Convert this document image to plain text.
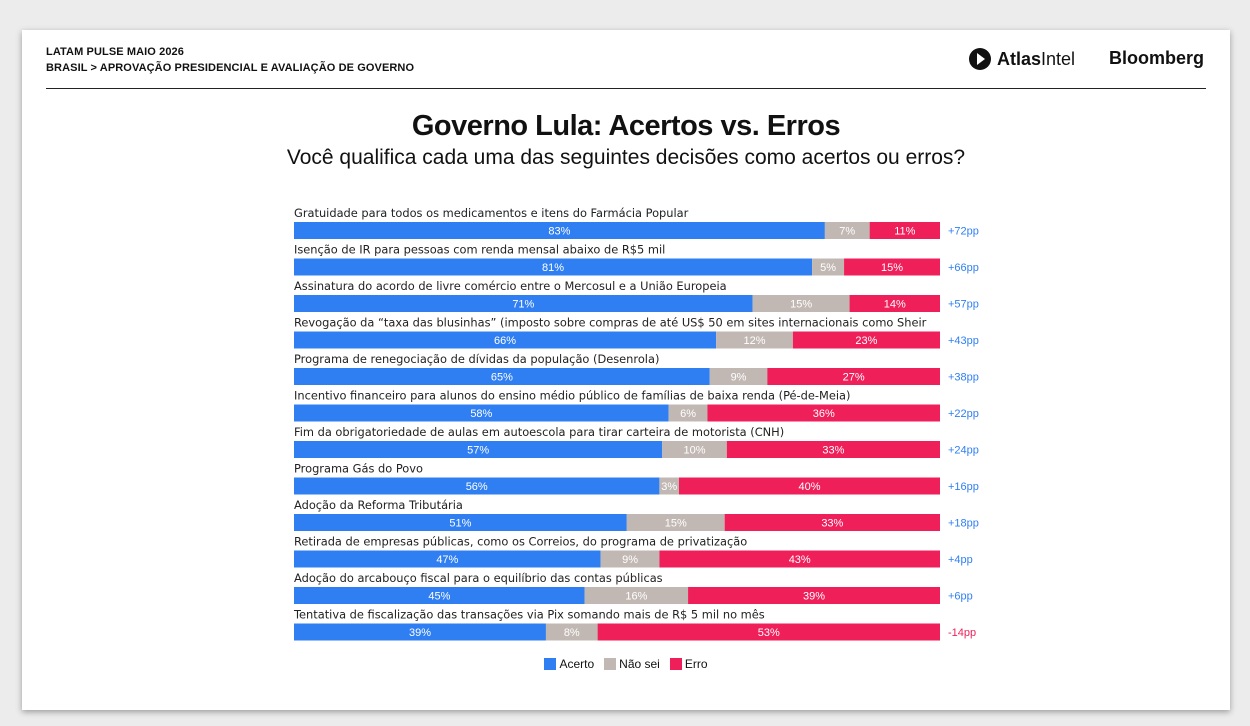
LATAM PULSE MAIO 2026
BRASIL > APROVAÇÃO PRESIDENCIAL E AVALIAÇÃO DE GOVERNO	AtlasIntel Bloomberg
Governo Lula: Acertos vs. Erros
Você qualifica cada uma das seguintes decisões como acertos ou erros?
Gratuidade para todos os medicamentos e itens do Farmácia Popular
83%	7%	11%	+72pp
Isenção de IR para pessoas com renda mensal abaixo de R$5 mil
81%	5%	15%	+66pp
Assinatura do acordo de livre comércio entre o Mercosul e a União Europeia
71%	15%	14%	+57pp
Revogação da “taxa das blusinhas” (imposto sobre compras de até US$ 50 em sites internacionais como Sheir
66%	12%	23%	+43pp
Programa de renegociação de dívidas da população (Desenrola)
65%	9%	27%	+38pp
Incentivo financeiro para alunos do ensino médio público de famílias de baixa renda (Pé-de-Meia)
58%	6%	36%	+22pp
Fim da obrigatoriedade de aulas em autoescola para tirar carteira de motorista (CNH)
57%	10%	33%	+24pp
Programa Gás do Povo
56%	3%	40%	+16pp
Adoção da Reforma Tributária
51%	15%	33%	+18pp
Retirada de empresas públicas, como os Correios, do programa de privatização
47%	9%	43%	+4pp
Adoção do arcabouço fiscal para o equilíbrio das contas públicas
45%	16%	39%	+6pp
Tentativa de fiscalização das transações via Pix somando mais de R$ 5 mil no mês
39%	8%	53%	-14pp
Acerto Não sei Erro
